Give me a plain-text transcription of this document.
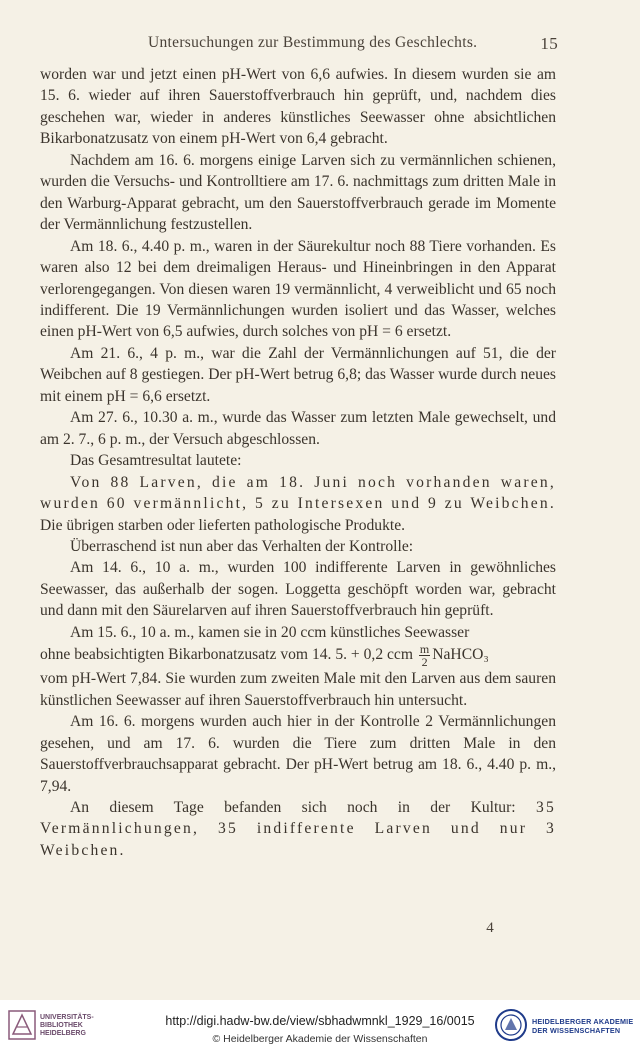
Untersuchungen zur Bestimmung des Geschlechts.	15

worden war und jetzt einen pH-Wert von 6,6 aufwies. In diesem wurden sie am 15. 6. wieder auf ihren Sauerstoffverbrauch hin geprüft, und, nachdem dies geschehen war, wieder in anderes künstliches Seewasser ohne absichtlichen Bikarbonatzusatz von einem pH-Wert von 6,4 gebracht.

Nachdem am 16. 6. morgens einige Larven sich zu vermännlichen schienen, wurden die Versuchs- und Kontrolltiere am 17. 6. nachmittags zum dritten Male in den Warburg-Apparat gebracht, um den Sauerstoffverbrauch gerade im Momente der Vermännlichung festzustellen.

Am 18. 6., 4.40 p. m., waren in der Säurekultur noch 88 Tiere vorhanden. Es waren also 12 bei dem dreimaligen Heraus- und Hineinbringen in den Apparat verlorengegangen. Von diesen waren 19 vermännlicht, 4 verweiblicht und 65 noch indifferent. Die 19 Vermännlichungen wurden isoliert und das Wasser, welches einen pH-Wert von 6,5 aufwies, durch solches von pH = 6 ersetzt.

Am 21. 6., 4 p. m., war die Zahl der Vermännlichungen auf 51, die der Weibchen auf 8 gestiegen. Der pH-Wert betrug 6,8; das Wasser wurde durch neues mit einem pH = 6,6 ersetzt.

Am 27. 6., 10.30 a. m., wurde das Wasser zum letzten Male gewechselt, und am 2. 7., 6 p. m., der Versuch abgeschlossen.

Das Gesamtresultat lautete:

Von 88 Larven, die am 18. Juni noch vorhanden waren, wurden 60 vermännlicht, 5 zu Intersexen und 9 zu Weibchen. Die übrigen starben oder lieferten pathologische Produkte.

Überraschend ist nun aber das Verhalten der Kontrolle:

Am 14. 6., 10 a. m., wurden 100 indifferente Larven in gewöhnliches Seewasser, das außerhalb der sogen. Loggetta geschöpft worden war, gebracht und dann mit den Säurelarven auf ihren Sauerstoffverbrauch hin geprüft.

Am 15. 6., 10 a. m., kamen sie in 20 ccm künstliches Seewasser

ohne beabsichtigten Bikarbonatzusatz vom 14. 5. + 0,2 ccm $\frac{m}{2}$ NaHCO₃

vom pH-Wert 7,84. Sie wurden zum zweiten Male mit den Larven aus dem sauren künstlichen Seewasser auf ihren Sauerstoffverbrauch hin untersucht.

Am 16. 6. morgens wurden auch hier in der Kontrolle 2 Vermännlichungen gesehen, und am 17. 6. wurden die Tiere zum dritten Male in den Sauerstoffverbrauchsapparat gebracht. Der pH-Wert betrug am 18. 6., 4.40 p. m., 7,94.

An diesem Tage befanden sich noch in der Kultur: 35 Vermännlichungen, 35 indifferente Larven und nur 3 Weibchen.

4
UNIVERSITÄTS-
BIBLIOTHEK
HEIDELBERG
http://digi.hadw-bw.de/view/sbhadwmnkl_1929_16/0015
© Heidelberger Akademie der Wissenschaften
HEIDELBERGER AKADEMIE
DER WISSENSCHAFTEN
